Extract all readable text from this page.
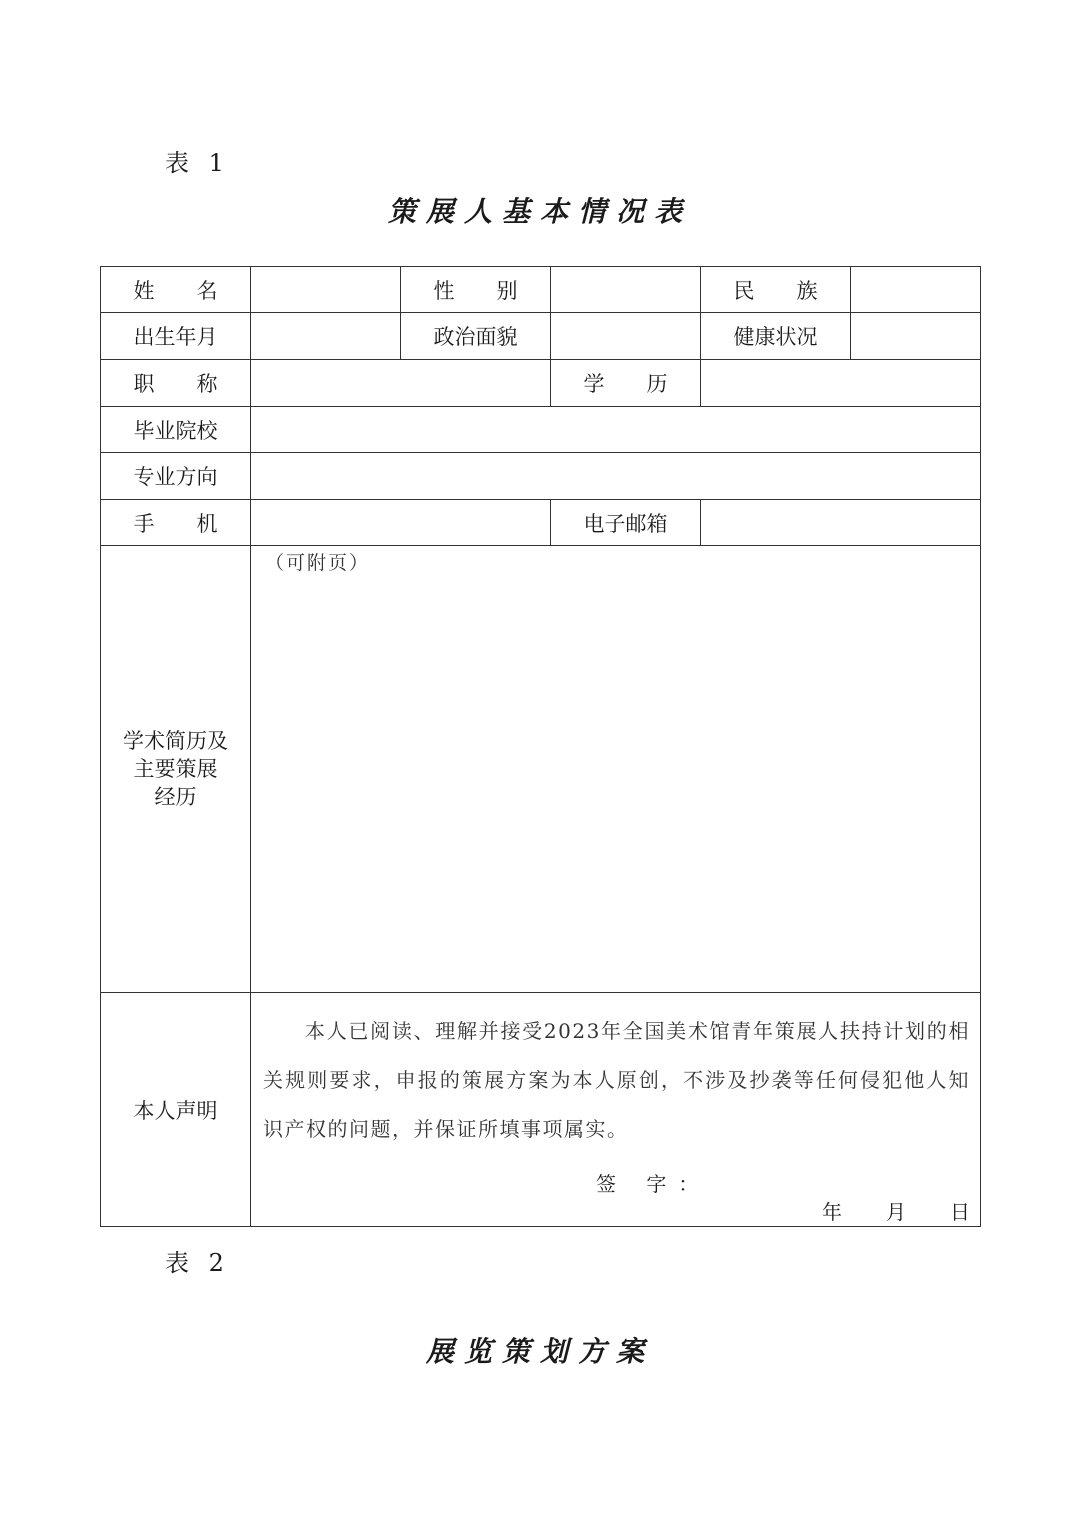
表 1
策展人基本情况表
姓　　名		性　　别		民　　族	
出生年月		政治面貌		健康状况	
职　　称			学　　历		
毕业院校					
专业方向					
手　　机			电子邮箱		

学术简历及
主要策展
经历	（可附页）				

本人声明	本人已阅读、理解并接受2023年全国美术馆青年策展人扶持计划的相关规则要求，申报的策展方案为本人原创，不涉及抄袭等任何侵犯他人知识产权的问题，并保证所填事项属实。
签 字：
年 月 日				
表 2
展览策划方案
